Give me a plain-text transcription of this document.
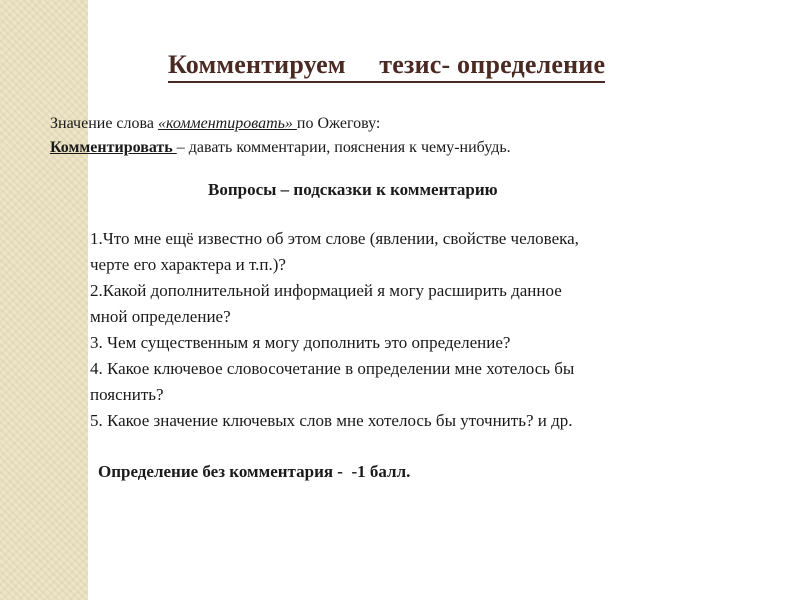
Комментируем     тезис- определение
Значение слова «комментировать» по Ожегову:
Комментировать – давать комментарии, пояснения к чему-нибудь.
Вопросы – подсказки к комментарию
1.Что мне ещё известно об этом слове (явлении, свойстве человека,
черте его характера и т.п.)?
2.Какой дополнительной информацией я могу расширить данное
мной определение?
3. Чем существенным я могу дополнить это определение?
4. Какое ключевое словосочетание в определении мне хотелось бы
пояснить?
5. Какое значение ключевых слов мне хотелось бы уточнить? и др.
Определение без комментария -  -1 балл.
